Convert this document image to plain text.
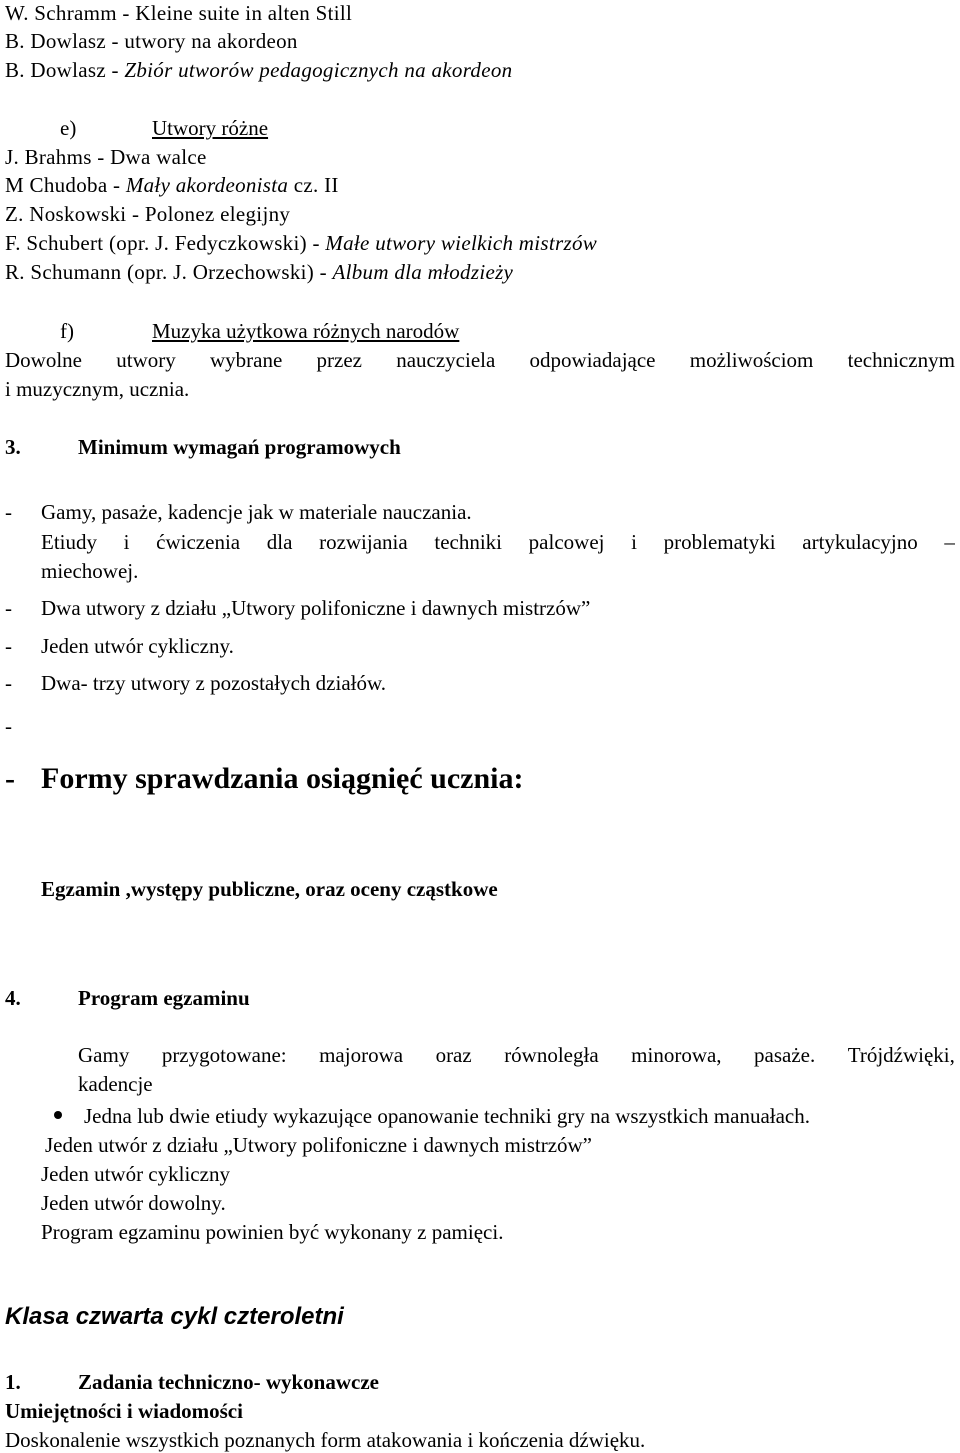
W. Schramm - Kleine suite in alten Still
B. Dowlasz - utwory na akordeon
B. Dowlasz - Zbiór utworów pedagogicznych na akordeon
e)	Utwory różne
J. Brahms - Dwa walce
M Chudoba - Mały akordeonista cz. II
Z. Noskowski - Polonez elegijny
F. Schubert (opr. J. Fedyczkowski) - Małe utwory wielkich mistrzów
R. Schumann (opr. J. Orzechowski) - Album dla młodzieży
f)	Muzyka użytkowa różnych narodów
Dowolne utwory wybrane przez nauczyciela odpowiadające możliwościom technicznym
i muzycznym, ucznia.
3.	Minimum wymagań programowych
- Gamy, pasaże, kadencje jak w materiale nauczania.
Etiudy i ćwiczenia dla rozwijania techniki palcowej i problematyki artykulacyjno –
miechowej.
- Dwa utwory z działu „Utwory polifoniczne i dawnych mistrzów”
- Jeden utwór cykliczny.
- Dwa- trzy utwory z pozostałych działów.
-
- Formy sprawdzania osiągnięć ucznia:
Egzamin ,występy publiczne, oraz oceny cząstkowe
4.	Program egzaminu
Gamy przygotowane: majorowa oraz równoległa minorowa, pasaże. Trójdźwięki,
kadencje
Jedna lub dwie etiudy wykazujące opanowanie techniki gry na wszystkich manuałach.
Jeden utwór z działu „Utwory polifoniczne i dawnych mistrzów”
Jeden utwór cykliczny
Jeden utwór dowolny.
Program egzaminu powinien być wykonany z pamięci.
Klasa czwarta cykl czteroletni
1.	Zadania techniczno- wykonawcze
Umiejętności i wiadomości
Doskonalenie wszystkich poznanych form atakowania i kończenia dźwięku.
